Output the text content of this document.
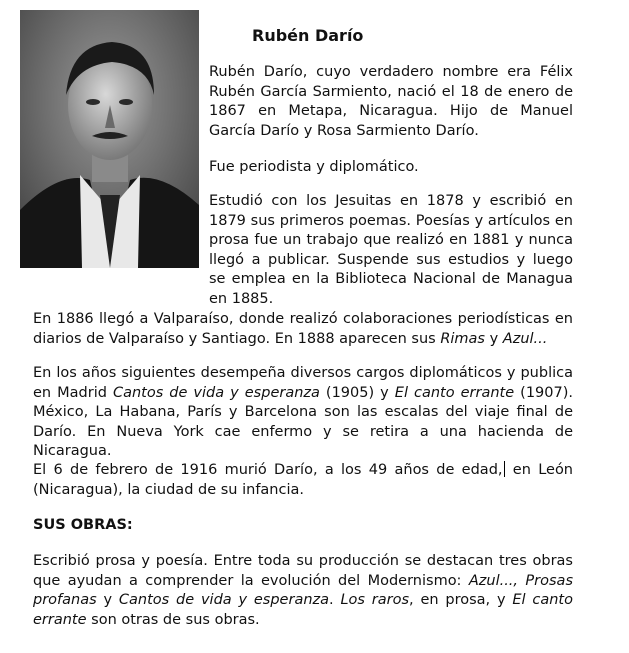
Rubén Darío

Rubén Darío, cuyo verdadero nombre era Félix Rubén García Sarmiento, nació el 18 de enero de 1867 en Metapa, Nicaragua. Hijo de Manuel García Darío y Rosa Sarmiento Darío.

Fue periodista y diplomático.

Estudió con los Jesuitas en 1878 y escribió en 1879 sus primeros poemas. Poesías y artículos en prosa fue un trabajo que realizó en 1881 y nunca llegó a publicar. Suspende sus estudios y luego se emplea en la Biblioteca Nacional de Managua en 1885.

En 1886 llegó a Valparaíso, donde realizó colaboraciones periodísticas en diarios de Valparaíso y Santiago. En 1888 aparecen sus Rimas y Azul...

En los años siguientes desempeña diversos cargos diplomáticos y publica en Madrid Cantos de vida y esperanza (1905) y El canto errante (1907). México, La Habana, París y Barcelona son las escalas del viaje final de Darío. En Nueva York cae enfermo y se retira a una hacienda de Nicaragua.

El 6 de febrero de 1916 murió Darío, a los 49 años de edad, en León (Nicaragua), la ciudad de su infancia.

SUS OBRAS:

Escribió prosa y poesía. Entre toda su producción se destacan tres obras que ayudan a comprender la evolución del Modernismo: Azul..., Prosas profanas y Cantos de vida y esperanza. Los raros, en prosa, y El canto errante son otras de sus obras.
